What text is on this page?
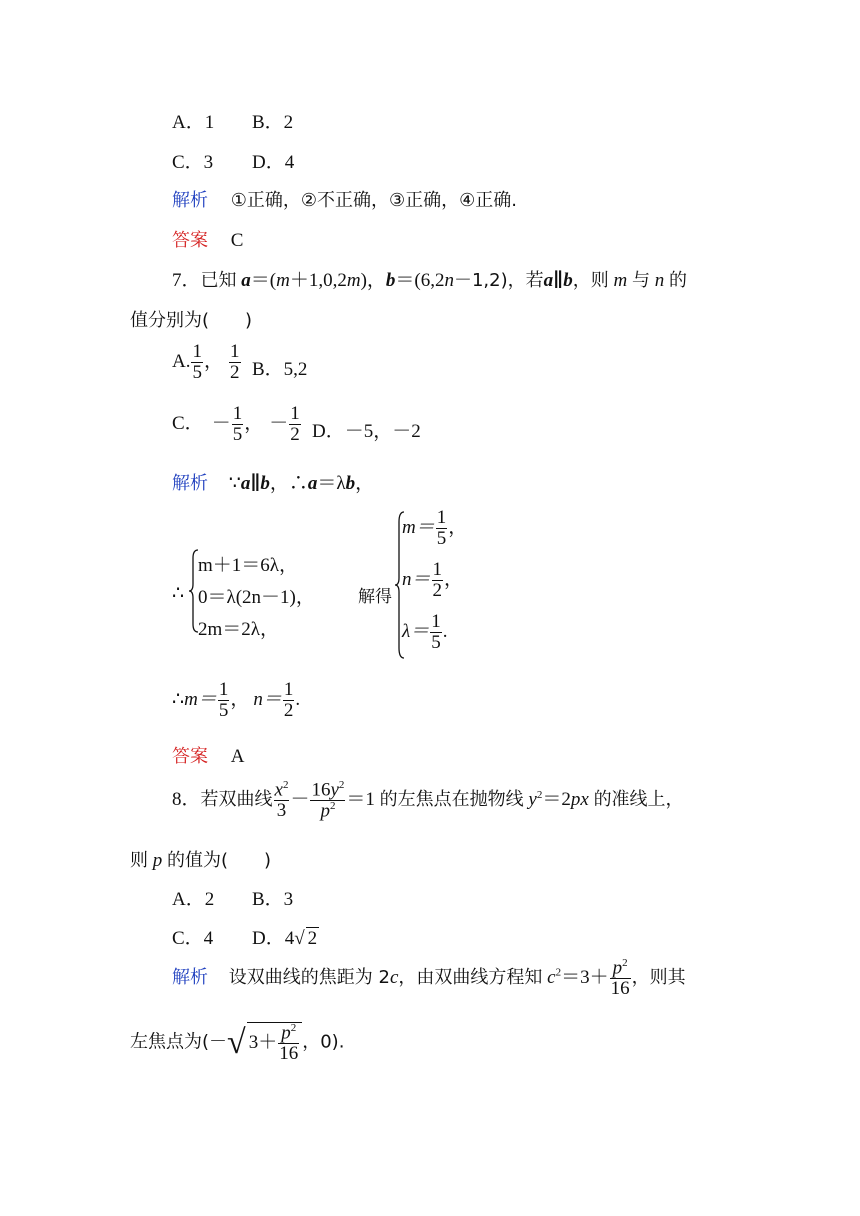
A．1 B．2
C．3 D．4
解析 ①正确，②不正确，③正确，④正确.
答案 C
7．已知 a＝(m＋1,0,2m)，b＝(6,2n－1,2)，若a∥b，则 m 与 n 的
值分别为(　　)
A. $\frac{1}{5}$ ， $\frac{1}{2}$ B．5,2
C． － $\frac{1}{5}$ ， － $\frac{1}{2}$ D．－5，－2
解析 ∵a∥b，∴a＝λb，
∴
m＋1＝6λ，
0＝λ(2n－1)，
2m＝2λ，
解得
$m= \frac{1}{5}$ ，
$n= \frac{1}{2}$ ，
$\lambda= \frac{1}{5}$ .
∴m＝ $\frac{1}{5}$ ， $n= \frac{1}{2}$ .
答案 A
8．若双曲线 $\frac{x^2}{3} - \frac{16y^2}{p^2} =1$ 的左焦点在抛物线 $y^2=2px$ 的准线上，
则 p 的值为(　　)
A．2 B．3
C．4 D．4√ 2
解析 设双曲线的焦距为 2c，由双曲线方程知 $c^2=3+ \frac{p^2}{16}$ ，则其
左焦点为(－√ $3+ \frac{p^2}{16}$ ，0).
